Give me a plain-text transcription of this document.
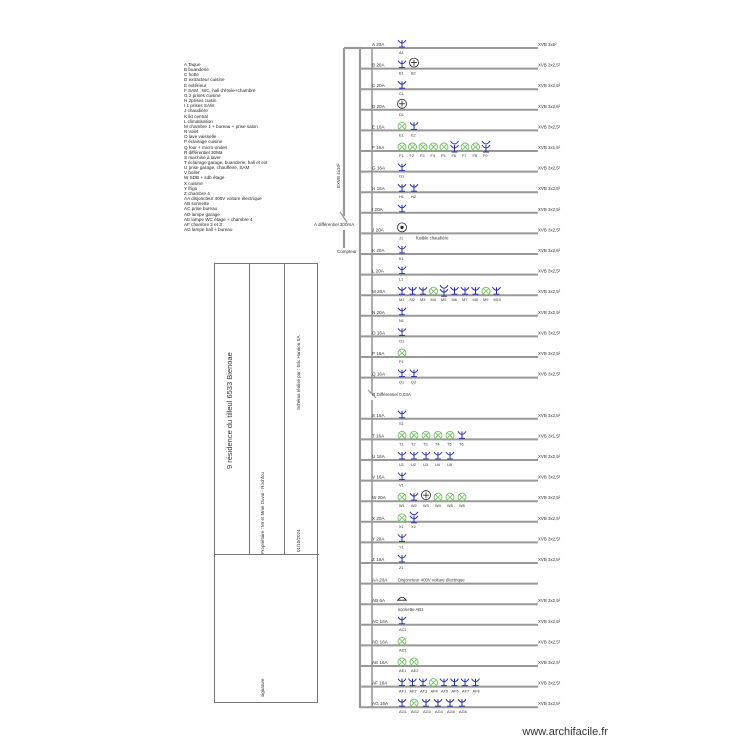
A Taque
B buanderie
C hotte
D extracteur cuisine
E extérieur
F SAM , WC, hall d'étoile+chambre
G 2 prises cuisine
H 2prises cuisin
I 1 prises SAM
J chaudière
K lkt central
L climatisation
M chambre 1 + bureau + prise salon
N volet
O lave vaisselle
P éclairage cuisine
Q four + micro-ondes
R différentiel 30Ma
S machine à laver
T éclairage garage, buanderie, hall et ext
U prise garage, chauffeire, SAM
V boiler
W SDB + sdb étage
X cuisine
Y frigo
Z chambre 4
AA disjoncteur 400V voiture électrique
AB sonnette
AC prise bureau
AD lampe garage
AE lampe WC étage + chambre 4
AF chambre 2 et 3
AG lampe hall + bureau
9 résidence du tilleul 6533 Bienoae
Propriétaire : Mr et Mme Duval - Rochfou
Schéma réalisé par : Eric Hanrion SA
01/10/2024
signature
A 20A	XVB 3x6²
A1
B 20A	XVB 3x2,5²
B1 B2
C 20A	XVB 3x2,5²
C1
D 20A	XVB 3x2,5²
D1
E 16A	XVB 3x2,5²
E1 E2
F 16A	XVB 3x1,5²
F1 F2 F3 F4 F5 F6 F7 F8 F9
G 16A	XVB 3x2,5²
G1
H 16A	XVB 3x2,5²
H1 H2
I 20A	XVB 3x2,5²
J 20A	XVB 3x2,5²
J1	fusible chaudière
K 20A	XVB 3x2,5²
K1
L 20A	XVB 3x2,5²
L1
M 20A	XVB 3x2,5²
M1 M2 M3 M4 M5 M6 M7 M8 M9 M10
N 20A	XVB 3x2,5²
N1
O 16A	XVB 3x2,5²
O1
P 16A	XVB 3x2,5²
P1
Q 16A	XVB 3x2,5²
Q1 Q2
S 16A	XVB 3x2,5²
S1
T 16A	XVB 3x1,5²
T1 T2 T3 T4 T5 T6
U 16A	XVB 3x2,5²
U1 U2 U3 U4 U5
V 16A	XVB 3x2,5²
V1
W 20A	XVB 3x2,5²
W1 W2 W3 W4 W5 W6
X 20A	XVB 3x2,5²
X1 X2
Y 20A	XVB 3x2,5²
Y1
Z 16A	XVB 3x2,5²
Z1
AA 20A Disjoncteur 400V voiture électrique
AB 6A	XVB 3x2,5²
sonnette AB1
AC 16A	XVB 3x2,5²
AC1
AD 16A	XVB 3x2,5²
AD1
AE 16A	XVB 3x2,5²
AE1 AE2
AF 16A	XVB 3x2,5²
AF1 AF2 AF3 AF4 AF5 AF6 AF7 AF8
AG 16A	XVB 3x2,5²
AG1 AG2 AG3 AG4 AG5 AG6
EXVB 4x10²
A différentiel 300mA
Compteur
R Différentiel 0,03A
www.archifacile.fr
